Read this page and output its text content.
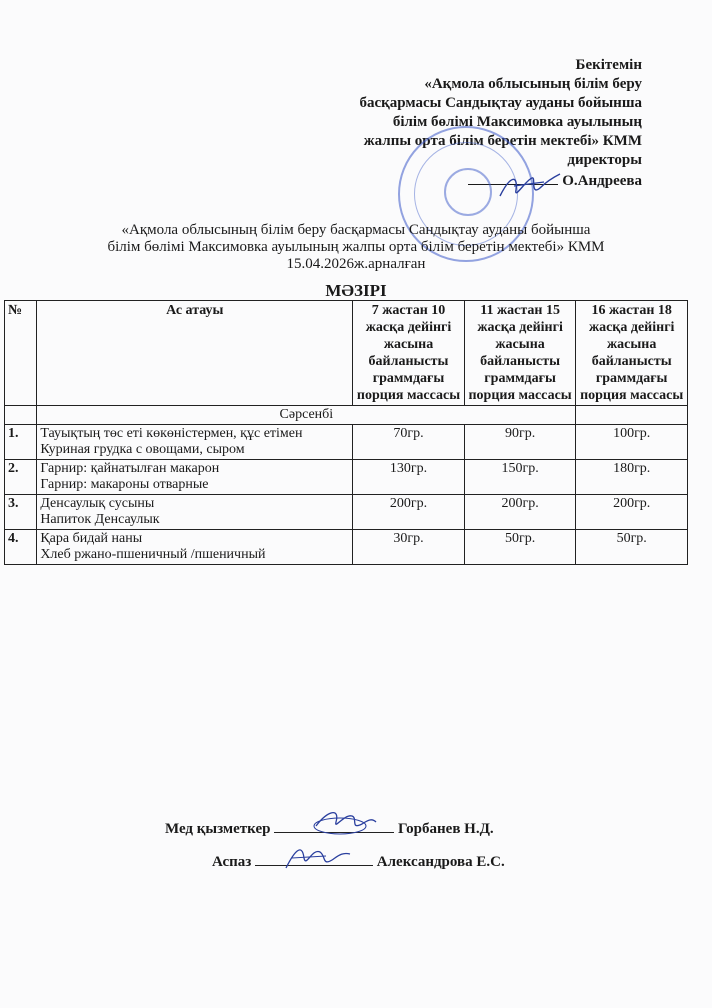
Бекітемін
«Ақмола облысының білім беру
басқармасы Сандықтау ауданы бойынша
білім бөлімі Максимовка ауылының
жалпы орта білім беретін мектебі» КММ
директоры
О.Андреева
«Ақмола облысының білім беру басқармасы Сандықтау ауданы бойынша
білім бөлімі Максимовка ауылының жалпы орта білім беретін мектебі» КММ
15.04.2026ж.арналған
МӘЗІРІ
№	Ас атауы	7 жастан 10 жасқа дейінгі жасына байланысты граммдағы порция массасы	11 жастан 15 жасқа дейінгі жасына байланысты граммдағы порция массасы	16 жастан 18 жасқа дейінгі жасына байланысты граммдағы порция массасы
	Сәрсенбі			
1.	Тауықтың төс еті көкөністермен, құс етімен
Куриная грудка с овощами, сыром	70гр.	90гр.	100гр.
2.	Гарнир: қайнатылған макарон
Гарнир: макароны отварные	130гр.	150гр.	180гр.
3.	Денсаулық сусыны
Напиток Денсаулык	200гр.	200гр.	200гр.
4.	Қара бидай наны
Хлеб ржано-пшеничный /пшеничный	30гр.	50гр.	50гр.
Мед қызметкер	Горбанев Н.Д.
Аспаз	Александрова Е.С.
